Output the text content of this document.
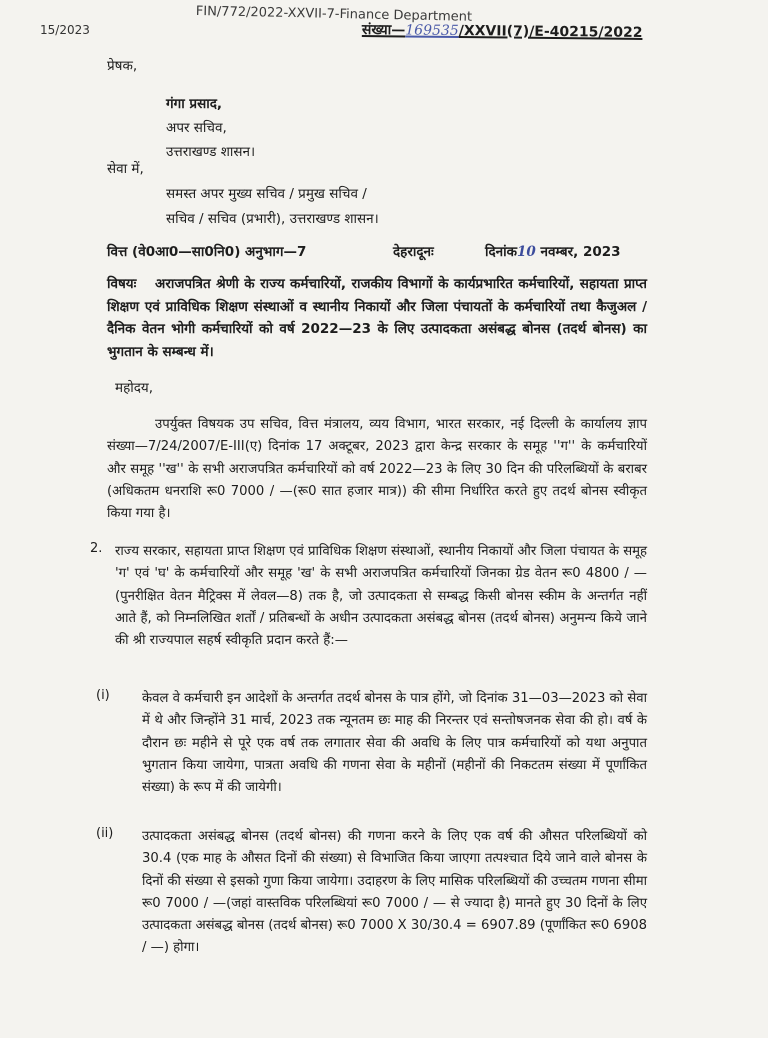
FIN/772/2022-XXVII-7-Finance Department
15/2023	संख्या—169535/XXVII(7)/E-40215/2022
प्रेषक,
गंगा प्रसाद,
अपर सचिव,
उत्तराखण्ड शासन।
सेवा में,
समस्त अपर मुख्य सचिव / प्रमुख सचिव /
सचिव / सचिव (प्रभारी), उत्तराखण्ड शासन।
वित्त (वे0आ0—सा0नि0) अनुभाग—7	देहरादूनः	दिनांक10 नवम्बर, 2023
विषयः	अराजपत्रित श्रेणी के राज्य कर्मचारियों, राजकीय विभागों के कार्यप्रभारित कर्मचारियों, सहायता प्राप्त शिक्षण एवं प्राविधिक शिक्षण संस्थाओं व स्थानीय निकायों और जिला पंचायतों के कर्मचारियों तथा कैजुअल / दैनिक वेतन भोगी कर्मचारियों को वर्ष 2022—23 के लिए उत्पादकता असंबद्ध बोनस (तदर्थ बोनस) का भुगतान के सम्बन्ध में।
महोदय,
उपर्युक्त विषयक उप सचिव, वित्त मंत्रालय, व्यय विभाग, भारत सरकार, नई दिल्ली के कार्यालय ज्ञाप संख्या—7/24/2007/E-III(ए) दिनांक 17 अक्टूबर, 2023 द्वारा केन्द्र सरकार के समूह ''ग'' के कर्मचारियों और समूह ''ख'' के सभी अराजपत्रित कर्मचारियों को वर्ष 2022—23 के लिए 30 दिन की परिलब्धियों के बराबर (अधिकतम धनराशि रू0 7000 / —(रू0 सात हजार मात्र)) की सीमा निर्धारित करते हुए तदर्थ बोनस स्वीकृत किया गया है।
2. राज्य सरकार, सहायता प्राप्त शिक्षण एवं प्राविधिक शिक्षण संस्थाओं, स्थानीय निकायों और जिला पंचायत के समूह 'ग' एवं 'घ' के कर्मचारियों और समूह 'ख' के सभी अराजपत्रित कर्मचारियों जिनका ग्रेड वेतन रू0 4800 / — (पुनरीक्षित वेतन मैट्रिक्स में लेवल—8) तक है, जो उत्पादकता से सम्बद्ध किसी बोनस स्कीम के अन्तर्गत नहीं आते हैं, को निम्नलिखित शर्तों / प्रतिबन्धों के अधीन उत्पादकता असंबद्ध बोनस (तदर्थ बोनस) अनुमन्य किये जाने की श्री राज्यपाल सहर्ष स्वीकृति प्रदान करते हैं:—
(i) केवल वे कर्मचारी इन आदेशों के अन्तर्गत तदर्थ बोनस के पात्र होंगे, जो दिनांक 31—03—2023 को सेवा में थे और जिन्होंने 31 मार्च, 2023 तक न्यूनतम छः माह की निरन्तर एवं सन्तोषजनक सेवा की हो। वर्ष के दौरान छः महीने से पूरे एक वर्ष तक लगातार सेवा की अवधि के लिए पात्र कर्मचारियों को यथा अनुपात भुगतान किया जायेगा, पात्रता अवधि की गणना सेवा के महीनों (महीनों की निकटतम संख्या में पूर्णांकित संख्या) के रूप में की जायेगी।
(ii) उत्पादकता असंबद्ध बोनस (तदर्थ बोनस) की गणना करने के लिए एक वर्ष की औसत परिलब्धियों को 30.4 (एक माह के औसत दिनों की संख्या) से विभाजित किया जाएगा तत्पश्चात दिये जाने वाले बोनस के दिनों की संख्या से इसको गुणा किया जायेगा। उदाहरण के लिए मासिक परिलब्धियों की उच्चतम गणना सीमा रू0 7000 / —(जहां वास्तविक परिलब्धियां रू0 7000 / — से ज्यादा है) मानते हुए 30 दिनों के लिए उत्पादकता असंबद्ध बोनस (तदर्थ बोनस) रू0 7000 X 30/30.4 = 6907.89 (पूर्णांकित रू0 6908 / —) होगा।
